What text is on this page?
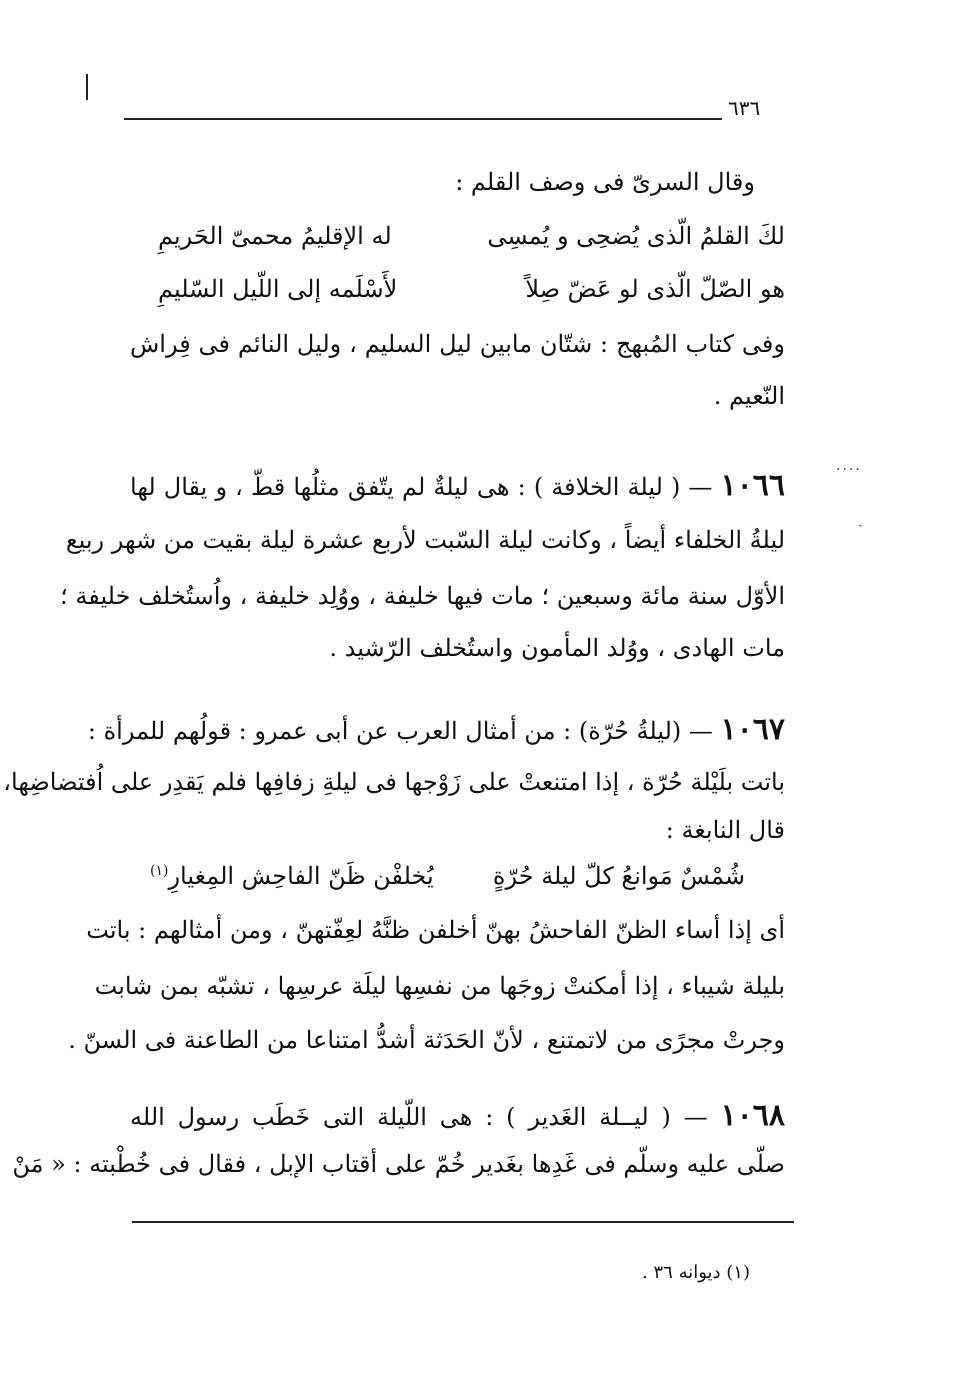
٦٣٦
....
ˏ
وقال السرىّ فى وصف القلم :
لكَ القلمُ الّذى يُضحِى و يُمسِى
له الإقليمُ محمىّ الحَريمِ
هو الصّلّ الّذى لو عَضّ صِلاً
لأَسْلَمه إلى اللّيل السّليمِ
وفى كتاب المُبهج : شتّان مابين ليل السليم ، وليل النائم فى فِراش
النّعيم .
١٠٦٦ — ( ليلة الخلافة ) : هى ليلةٌ لم يتّفق مثلُها قطّ ، و يقال لها
ليلةُ الخلفاء أيضاً ، وكانت ليلة السّبت لأربع عشرة ليلة بقيت من شهر ربيع
الأوّل سنة مائة وسبعين ؛ مات فيها خليفة ، ووُلِد خليفة ، واُستُخلف خليفة ؛
مات الهادى ، ووُلد المأمون واستُخلف الرّشيد .
١٠٦٧ — (ليلةُ حُرّة) : من أمثال العرب عن أبى عمرو : قولُهم للمرأة :
باتت بلَيْلة حُرّة ، إذا امتنعتْ على زَوْجها فى ليلةِ زفافِها فلم يَقدِر على اُفتضاضِها،
قال النابغة :
شُمْسٌ مَوانعُ كلّ ليلة حُرّةٍ
يُخلفْن ظَنّ الفاحِش المِغيارِ$^{(١)}$
أى إذا أساء الظنّ الفاحشُ بهنّ أخلفن ظنَّهُ لعِفّتهنّ ، ومن أمثالهم : باتت
بليلة شيباء ، إذا أمكنتْ زوجَها من نفسِها ليلَة عرسِها ، تشبّه بمن شابت
وجرتْ مجرًى من لاتمتنع ، لأنّ الحَدَثة أشدُّ امتناعا من الطاعنة فى السنّ .
١٠٦٨ — ( ليــلة الغَدير ) : هى اللّيلة التى خَطَب رسول الله
صلّى عليه وسلّم فى غَدِها بغَدير خُمّ على أقتاب الإبل ، فقال فى خُطْبته : « مَنْ
(١) ديوانه ٣٦ .
